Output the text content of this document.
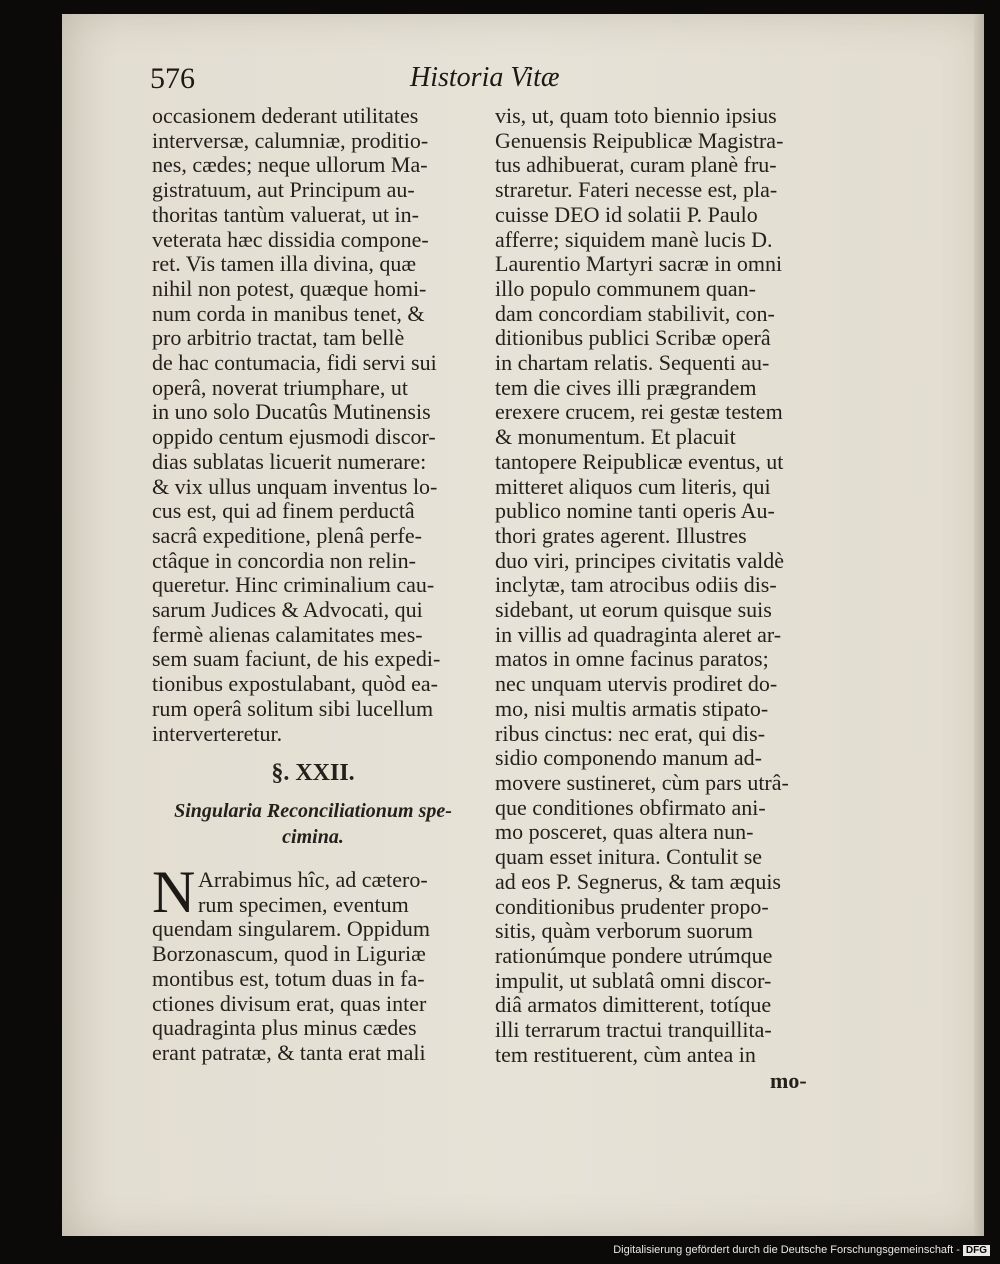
576	Historia Vitæ
occasionem dederant utilitates
interversæ, calumniæ, proditio-
nes, cædes; neque ullorum Ma-
gistratuum, aut Principum au-
thoritas tantùm valuerat, ut in-
veterata hæc dissidia compone-
ret. Vis tamen illa divina, quæ
nihil non potest, quæque homi-
num corda in manibus tenet, &
pro arbitrio tractat, tam bellè
de hac contumacia, fidi servi sui
operâ, noverat triumphare, ut
in uno solo Ducatûs Mutinensis
oppido centum ejusmodi discor-
dias sublatas licuerit numerare:
& vix ullus unquam inventus lo-
cus est, qui ad finem perductâ
sacrâ expeditione, plenâ perfe-
ctâque in concordia non relin-
queretur. Hinc criminalium cau-
sarum Judices & Advocati, qui
fermè alienas calamitates mes-
sem suam faciunt, de his expedi-
tionibus expostulabant, quòd ea-
rum operâ solitum sibi lucellum
interverteretur.
§. XXII.
Singularia Reconciliationum spe-
cimina.
N Arrabimus hîc, ad cætero-
rum specimen, eventum
quendam singularem. Oppidum
Borzonascum, quod in Liguriæ
montibus est, totum duas in fa-
ctiones divisum erat, quas inter
quadraginta plus minus cædes
erant patratæ, & tanta erat mali
vis, ut, quam toto biennio ipsius
Genuensis Reipublicæ Magistra-
tus adhibuerat, curam planè fru-
straretur. Fateri necesse est, pla-
cuisse DEO id solatii P. Paulo
afferre; siquidem manè lucis D.
Laurentio Martyri sacræ in omni
illo populo communem quan-
dam concordiam stabilivit, con-
ditionibus publici Scribæ operâ
in chartam relatis. Sequenti au-
tem die cives illi prægrandem
erexere crucem, rei gestæ testem
& monumentum. Et placuit
tantopere Reipublicæ eventus, ut
mitteret aliquos cum literis, qui
publico nomine tanti operis Au-
thori grates agerent. Illustres
duo viri, principes civitatis valdè
inclytæ, tam atrocibus odiis dis-
sidebant, ut eorum quisque suis
in villis ad quadraginta aleret ar-
matos in omne facinus paratos;
nec unquam utervis prodiret do-
mo, nisi multis armatis stipato-
ribus cinctus: nec erat, qui dis-
sidio componendo manum ad-
movere sustineret, cùm pars utrâ-
que conditiones obfirmato ani-
mo posceret, quas altera nun-
quam esset initura. Contulit se
ad eos P. Segnerus, & tam æquis
conditionibus prudenter propo-
sitis, quàm verborum suorum
rationúmque pondere utrúmque
impulit, ut sublatâ omni discor-
diâ armatos dimitterent, totíque
illi terrarum tractui tranquillita-
tem restituerent, cùm antea in
mo-
Digitalisierung gefördert durch die Deutsche Forschungsgemeinschaft - DFG
